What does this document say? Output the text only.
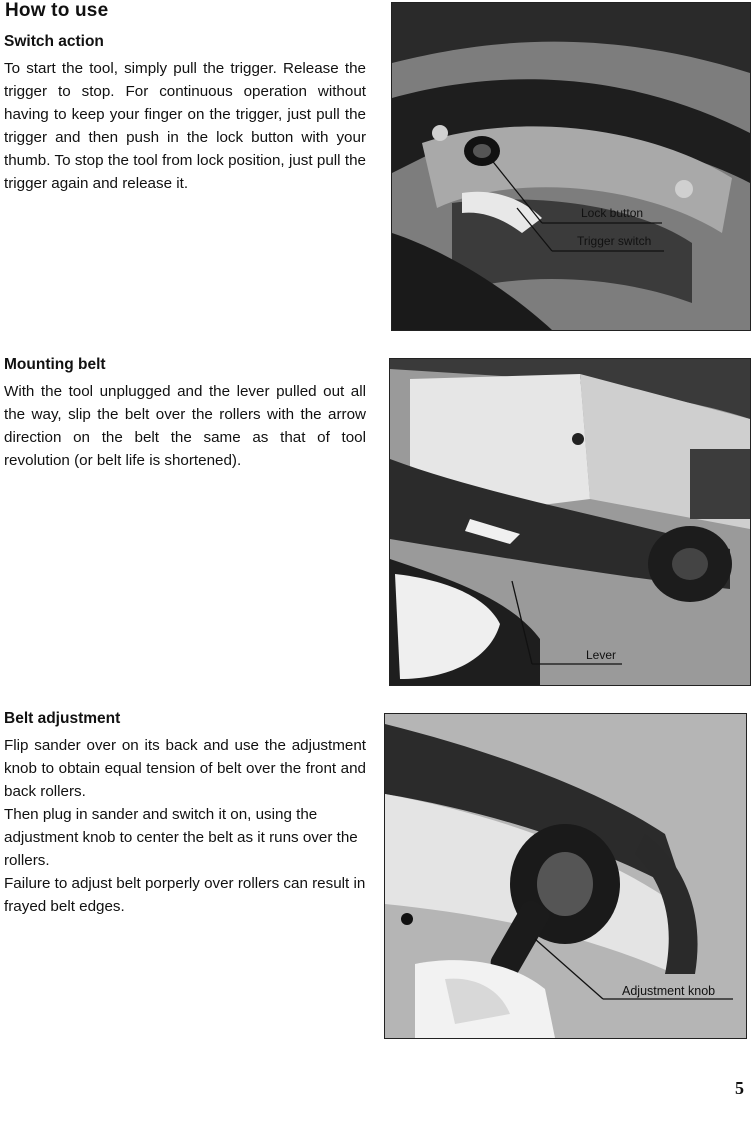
How to use
Switch action

To start the tool, simply pull the trigger. Release the trigger to stop. For continuous operation without having to keep your finger on the trigger, just pull the trigger and then push in the lock button with your thumb. To stop the tool from lock position, just pull the trigger again and release it.

Lock button
Trigger switch
Mounting belt

With the tool unplugged and the lever pulled out all the way, slip the belt over the rollers with the arrow direction on the belt the same as that of tool revolution (or belt life is shortened).

Lever
Belt adjustment

Flip sander over on its back and use the adjustment knob to obtain equal tension of belt over the front and back rollers.

Then plug in sander and switch it on, using the adjustment knob to center the belt as it runs over the rollers.

Failure to adjust belt porperly over rollers can result in frayed belt edges.

Adjustment knob
5
